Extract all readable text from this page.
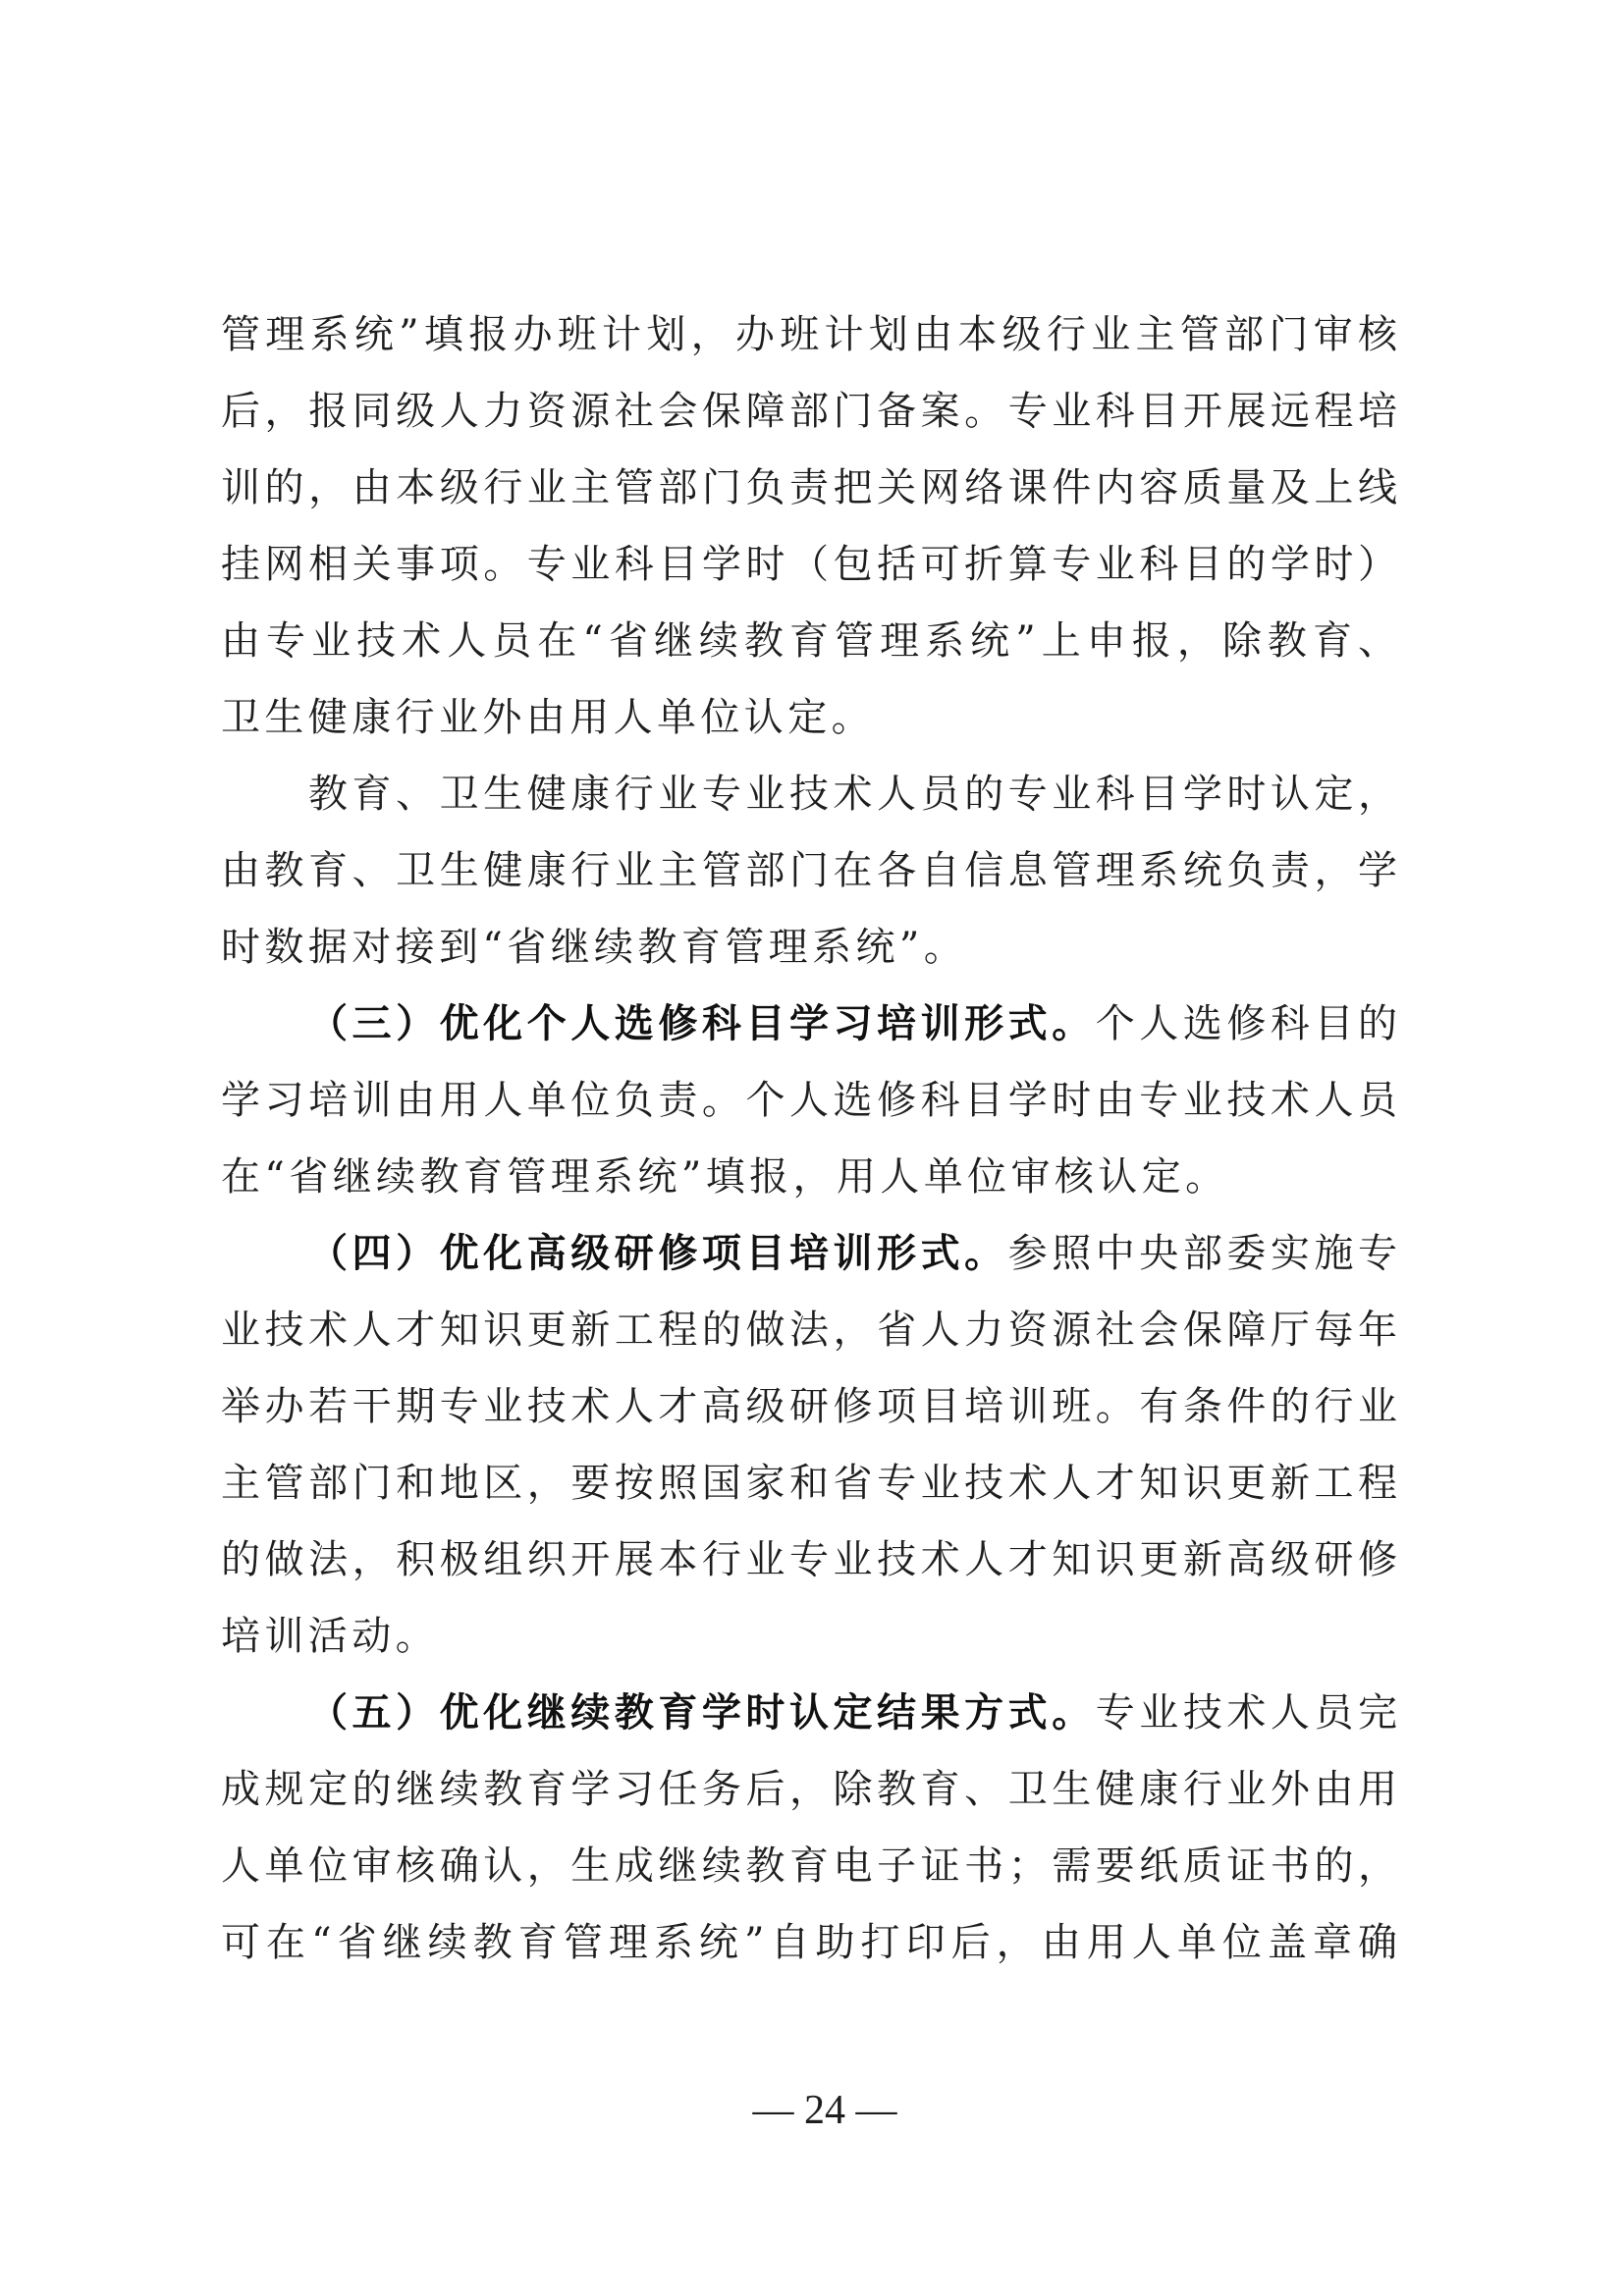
管理系统”填报办班计划，办班计划由本级行业主管部门审核
后，报同级人力资源社会保障部门备案。专业科目开展远程培
训的，由本级行业主管部门负责把关网络课件内容质量及上线
挂网相关事项。专业科目学时（包括可折算专业科目的学时）
由专业技术人员在“省继续教育管理系统”上申报，除教育、
卫生健康行业外由用人单位认定。
教育、卫生健康行业专业技术人员的专业科目学时认定，
由教育、卫生健康行业主管部门在各自信息管理系统负责，学
时数据对接到“省继续教育管理系统”。
（三）优化个人选修科目学习培训形式。个人选修科目的
学习培训由用人单位负责。个人选修科目学时由专业技术人员
在“省继续教育管理系统”填报，用人单位审核认定。
（四）优化高级研修项目培训形式。参照中央部委实施专
业技术人才知识更新工程的做法，省人力资源社会保障厅每年
举办若干期专业技术人才高级研修项目培训班。有条件的行业
主管部门和地区，要按照国家和省专业技术人才知识更新工程
的做法，积极组织开展本行业专业技术人才知识更新高级研修
培训活动。
（五）优化继续教育学时认定结果方式。专业技术人员完
成规定的继续教育学习任务后，除教育、卫生健康行业外由用
人单位审核确认，生成继续教育电子证书；需要纸质证书的，
可在“省继续教育管理系统”自助打印后，由用人单位盖章确
— 24 —
